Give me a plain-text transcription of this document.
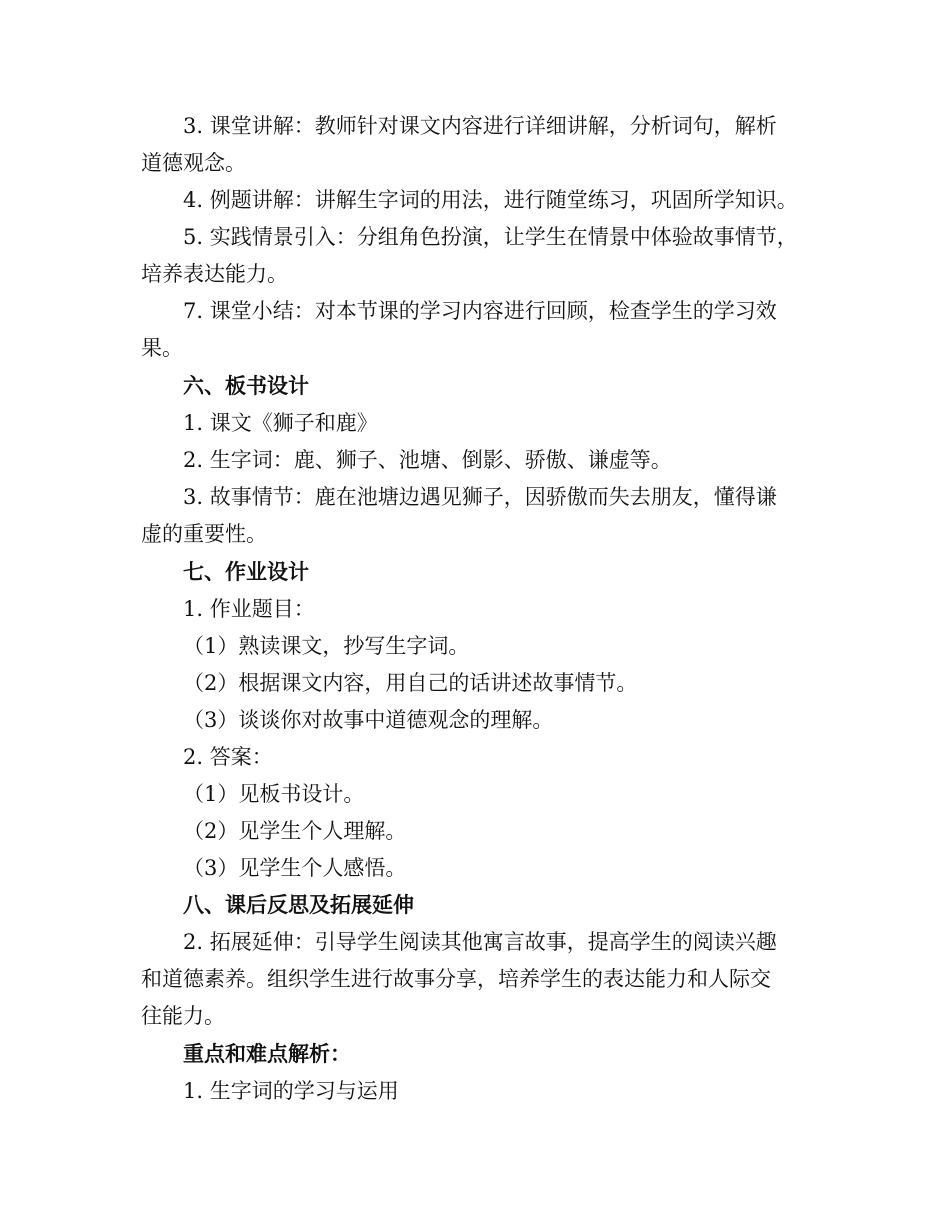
3. 课堂讲解：教师针对课文内容进行详细讲解，分析词句，解析
道德观念。
4. 例题讲解：讲解生字词的用法，进行随堂练习，巩固所学知识。
5. 实践情景引入：分组角色扮演，让学生在情景中体验故事情节，
培养表达能力。
7. 课堂小结：对本节课的学习内容进行回顾，检查学生的学习效
果。
六、板书设计
1. 课文《狮子和鹿》
2. 生字词：鹿、狮子、池塘、倒影、骄傲、谦虚等。
3. 故事情节：鹿在池塘边遇见狮子，因骄傲而失去朋友，懂得谦
虚的重要性。
七、作业设计
1. 作业题目：
（1）熟读课文，抄写生字词。
（2）根据课文内容，用自己的话讲述故事情节。
（3）谈谈你对故事中道德观念的理解。
2. 答案：
（1）见板书设计。
（2）见学生个人理解。
（3）见学生个人感悟。
八、课后反思及拓展延伸
2. 拓展延伸：引导学生阅读其他寓言故事，提高学生的阅读兴趣
和道德素养。组织学生进行故事分享，培养学生的表达能力和人际交
往能力。
重点和难点解析：
1. 生字词的学习与运用
